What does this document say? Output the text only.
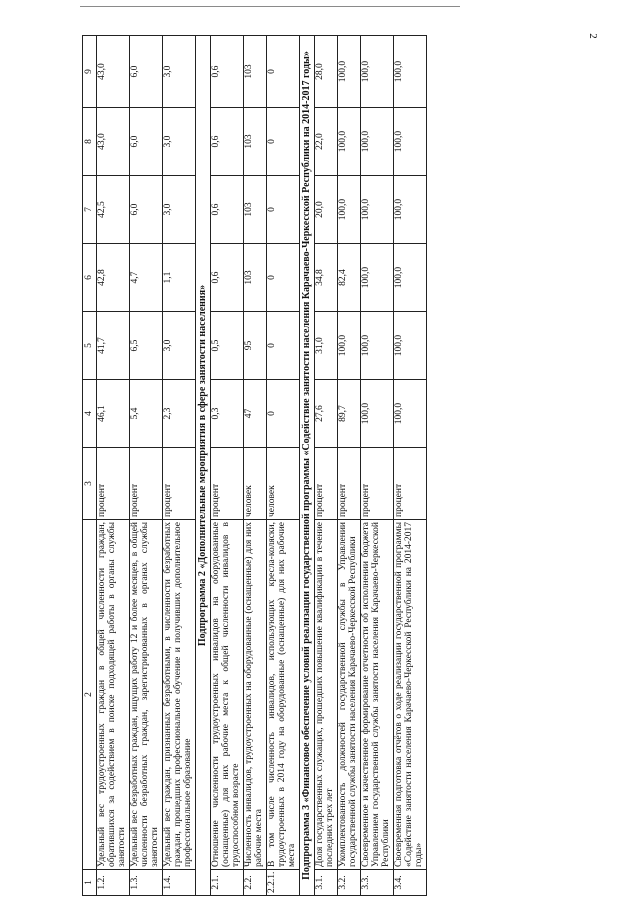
2
1	2	3	4	5	6	7	8	9
1.2.	Удельный вес трудоустроенных граждан в общей численности граждан, обратившихся за содействием в поиске подходящей работы в органы службы занятости	процент	46,1	41,7	42,8	42,5	43,0	43,0
1.3.	Удельный вес безработных граждан, ищущих работу 12 и более месяцев, в общей численности безработных граждан, зарегистрированных в органах службы занятости	процент	5,4	6,5	4,7	6,0	6,0	6,0
1.4.	Удельный вес граждан, признанных безработными, в численности безработных граждан, прошедших профессиональное обучение и получивших дополнительное профессиональное образование	процент	2,3	3,0	1,1	3,0	3,0	3,0
Подпрограмма 2 «Дополнительные мероприятия в сфере занятости населения»								
2.1.	Отношение численности трудоустроенных инвалидов на оборудованные (оснащенные) для них рабочие места к общей численности инвалидов в трудоспособном возрасте	процент	0,3	0,5	0,6	0,6	0,6	0,6
2.2.	Численность инвалидов, трудоустроенных на оборудованные (оснащенные) для них рабочие места	человек	47	95	103	103	103	103
2.2.1.	В том числе численность инвалидов, использующих кресла-коляски, трудоустроенных в 2014 году на оборудованные (оснащенные) для них рабочие места	человек	0	0	0	0	0	0
Подпрограмма 3 «Финансовое обеспечение условий реализации государственной программы «Содействие занятости населения Карачаево-Черкесской Республики на 2014-2017 годы»								
3.1.	Доля государственных служащих, прошедших повышение квалификации в течение последних трех лет	процент	27,6	31,0	34,8	20,0	22,0	28,0
3.2.	Укомплектованность должностей государственной службы в Управлении государственной службы занятости населения Карачаево-Черкесской Республики	процент	89,7	100,0	82,4	100,0	100,0	100,0
3.3.	Своевременное и качественное формирование отчетности об исполнении бюджета Управлением государственной службы занятости населения Карачаево-Черкесской Республики	процент	100,0	100,0	100,0	100,0	100,0	100,0
3.4.	Своевременная подготовка отчётов о ходе реализации государственной программы «Содействие занятости населения Карачаево-Черкесской Республики на 2014-2017 годы»	процент	100,0	100,0	100,0	100,0	100,0	100,0
